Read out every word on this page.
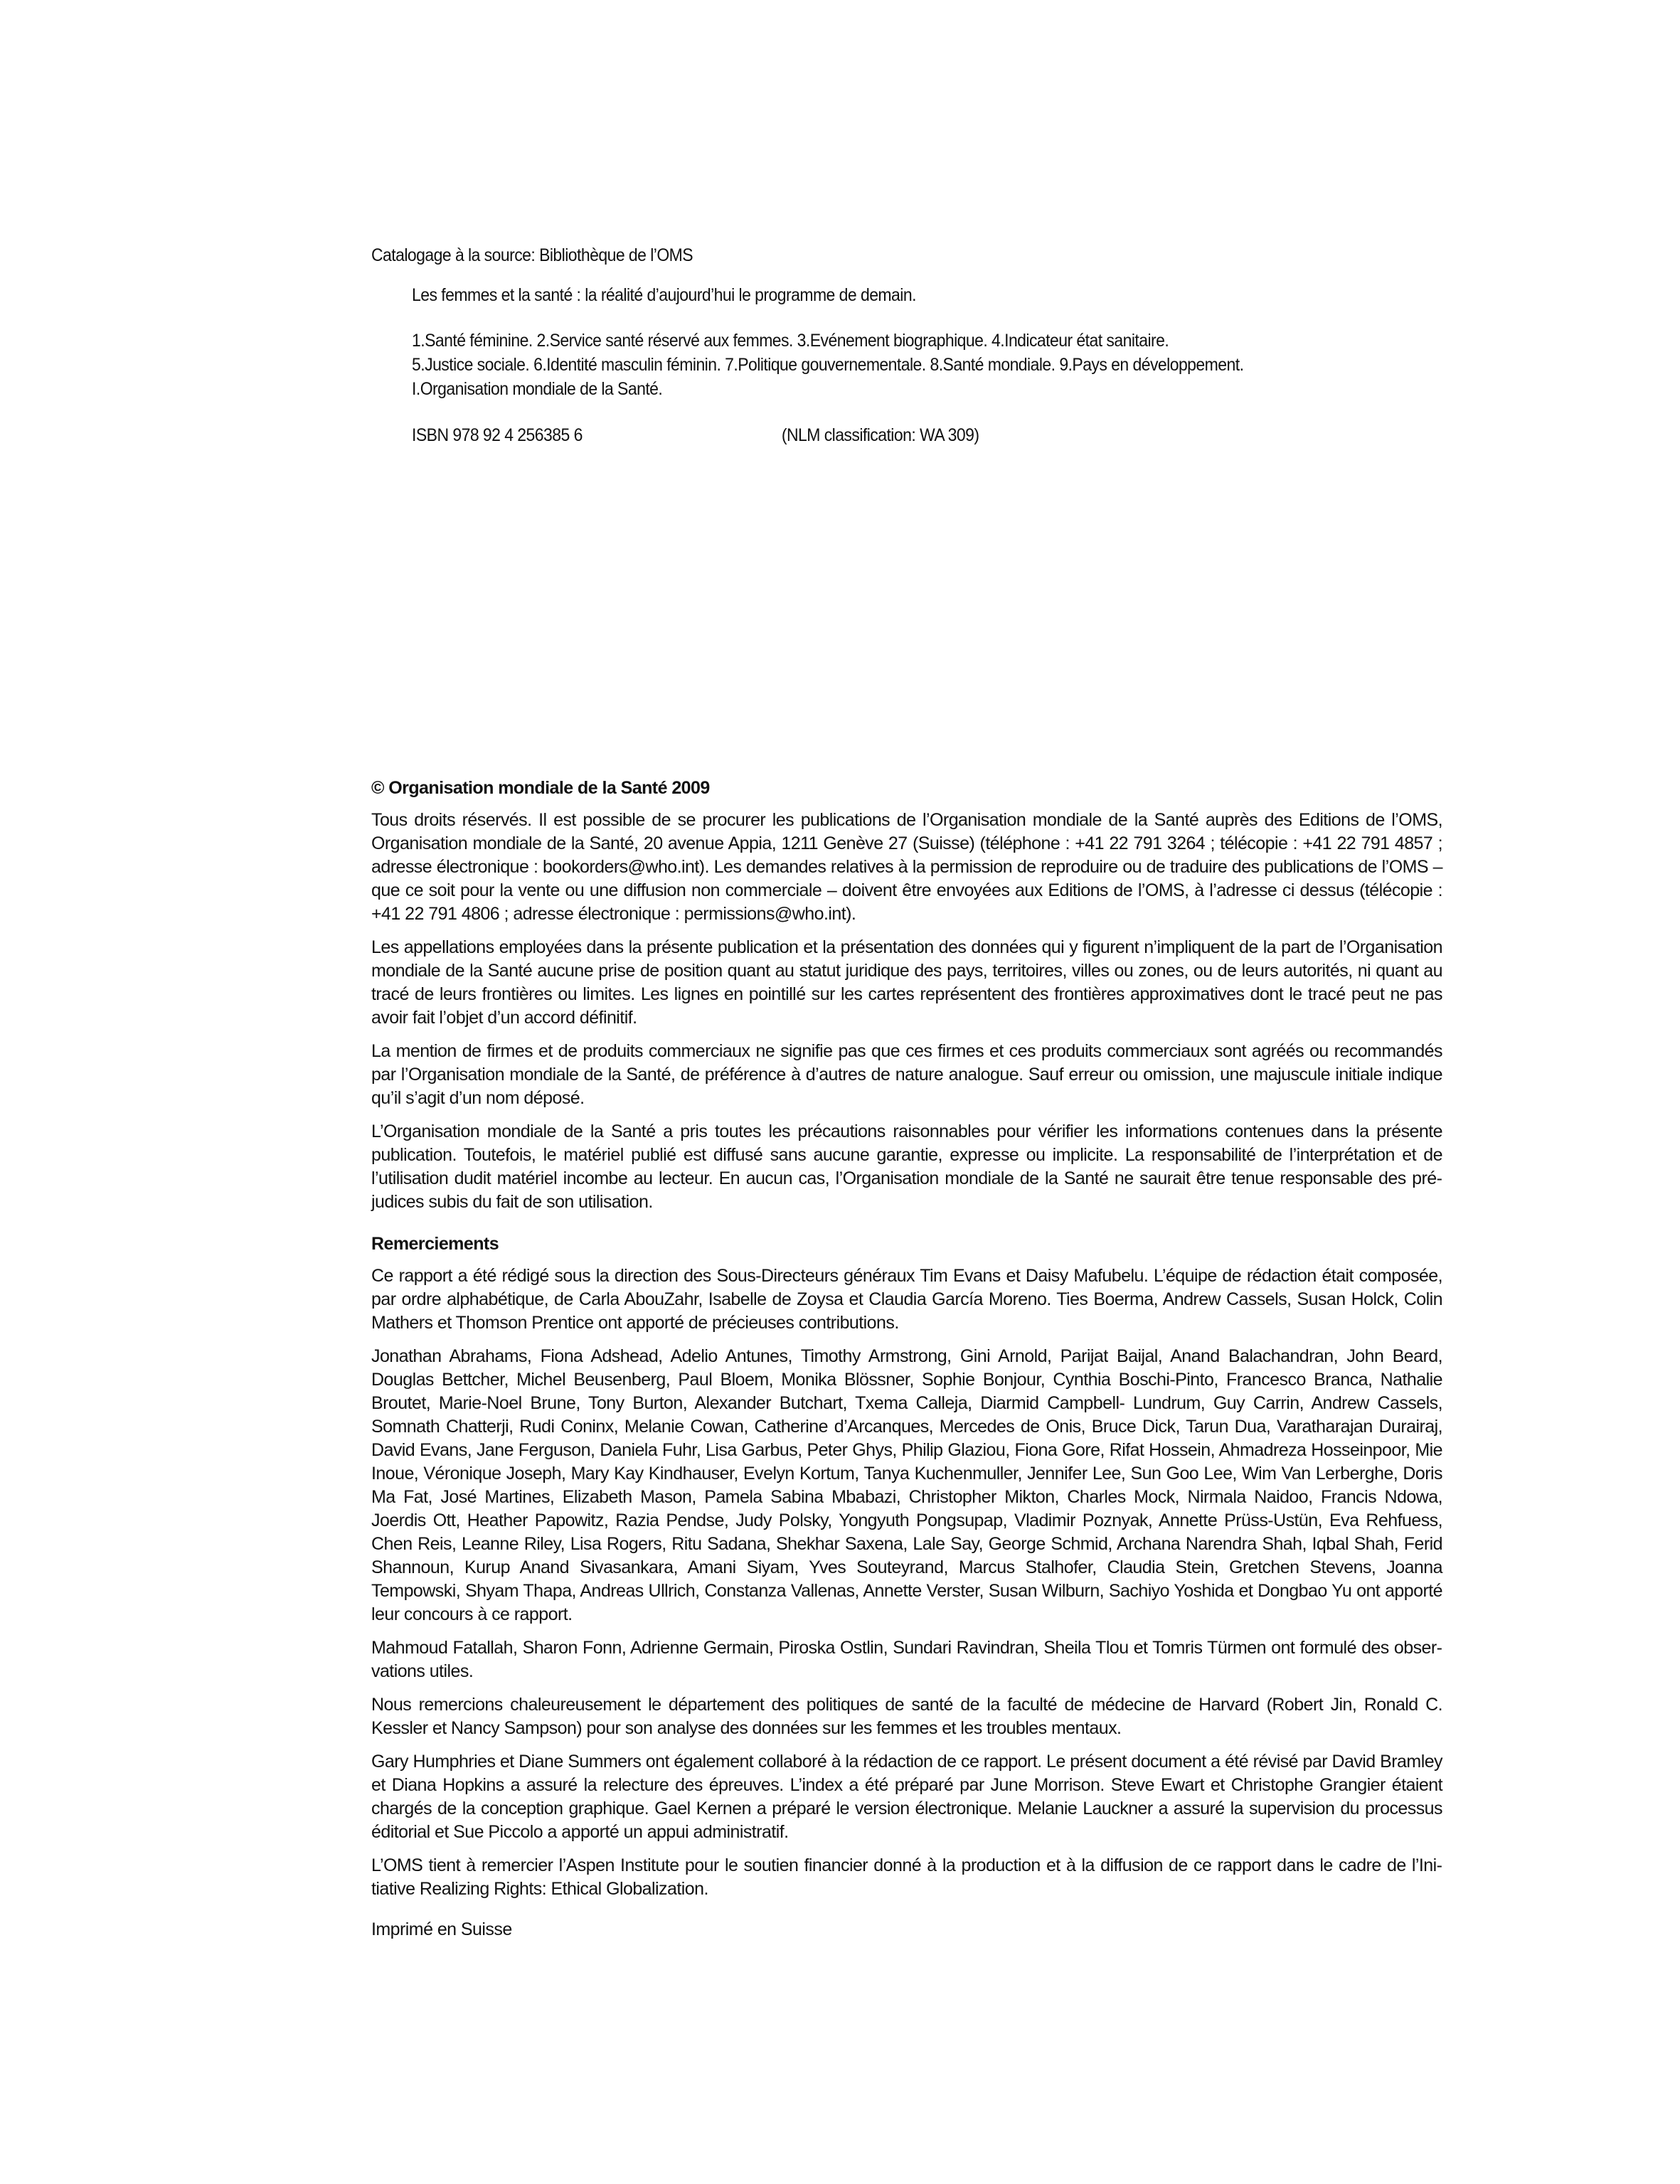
Catalogage à la source: Bibliothèque de l’OMS
Les femmes et la santé : la réalité d’aujourd’hui le programme de demain.
1.Santé féminine. 2.Service santé réservé aux femmes. 3.Evénement biographique. 4.Indicateur état sanitaire.
5.Justice sociale. 6.Identité masculin féminin. 7.Politique gouvernementale. 8.Santé mondiale. 9.Pays en développement.
I.Organisation mondiale de la Santé.
ISBN 978 92 4 256385 6	(NLM classification: WA 309)
© Organisation mondiale de la Santé 2009

Tous droits réservés. Il est possible de se procurer les publications de l’Organisation mondiale de la Santé auprès des Editions de l’OMS, Organisation mondiale de la Santé, 20 avenue Appia, 1211 Genève 27 (Suisse) (téléphone : +41 22 791 3264 ; télécopie : +41 22 791 4857 ; adresse électronique : bookorders@who.int). Les demandes relatives à la permission de reproduire ou de traduire des publications de l’OMS – que ce soit pour la vente ou une diffusion non commerciale – doivent être envoyées aux Editions de l’OMS, à l’adresse ci dessus (télécopie : +41 22 791 4806 ; adresse électronique : permissions@who.int).

Les appellations employées dans la présente publication et la présentation des données qui y figurent n’impliquent de la part de l’Organisation mondiale de la Santé aucune prise de position quant au statut juridique des pays, territoires, villes ou zones, ou de leurs autorités, ni quant au tracé de leurs frontières ou limites. Les lignes en pointillé sur les cartes représentent des frontières approximatives dont le tracé peut ne pas avoir fait l’objet d’un accord définitif.

La mention de firmes et de produits commerciaux ne signifie pas que ces firmes et ces produits commerciaux sont agréés ou recommandés par l’Organisation mondiale de la Santé, de préférence à d’autres de nature analogue. Sauf erreur ou omission, une majuscule initiale indique qu’il s’agit d’un nom déposé.

L’Organisation mondiale de la Santé a pris toutes les précautions raisonnables pour vérifier les informations contenues dans la présente publication. Toutefois, le matériel publié est diffusé sans aucune garantie, expresse ou implicite. La responsabilité de l’interprétation et de l’utilisation dudit matériel incombe au lecteur. En aucun cas, l’Organisation mondiale de la Santé ne saurait être tenue responsable des préjudices subis du fait de son utilisation.

Remerciements

Ce rapport a été rédigé sous la direction des Sous-Directeurs généraux Tim Evans et Daisy Mafubelu. L’équipe de rédaction était composée, par ordre alphabétique, de Carla AbouZahr, Isabelle de Zoysa et Claudia García Moreno. Ties Boerma, Andrew Cassels, Susan Holck, Colin Mathers et Thomson Prentice ont apporté de précieuses contributions.

Jonathan Abrahams, Fiona Adshead, Adelio Antunes, Timothy Armstrong, Gini Arnold, Parijat Baijal, Anand Balachandran, John Beard, Douglas Bettcher, Michel Beusenberg, Paul Bloem, Monika Blössner, Sophie Bonjour, Cynthia Boschi-Pinto, Francesco Branca, Nathalie Broutet, Marie-Noel Brune, Tony Burton, Alexander Butchart, Txema Calleja, Diarmid Campbell- Lundrum, Guy Carrin, Andrew Cassels, Somnath Chatterji, Rudi Coninx, Melanie Cowan, Catherine d’Arcanques, Mercedes de Onis, Bruce Dick, Tarun Dua, Varatharajan Durairaj, David Evans, Jane Ferguson, Daniela Fuhr, Lisa Garbus, Peter Ghys, Philip Glaziou, Fiona Gore, Rifat Hossein, Ahmadreza Hosseinpoor, Mie Inoue, Véronique Joseph, Mary Kay Kindhauser, Evelyn Kortum, Tanya Kuchenmuller, Jennifer Lee, Sun Goo Lee, Wim Van Lerberghe, Doris Ma Fat, José Martines, Elizabeth Mason, Pamela Sabina Mbabazi, Christopher Mikton, Charles Mock, Nirmala Naidoo, Francis Ndowa, Joerdis Ott, Heather Papowitz, Razia Pendse, Judy Polsky, Yongyuth Pongsupap, Vladimir Poznyak, Annette Prüss-Ustün, Eva Rehfuess, Chen Reis, Leanne Riley, Lisa Rogers, Ritu Sadana, Shekhar Saxena, Lale Say, George Schmid, Archana Narendra Shah, Iqbal Shah, Ferid Shannoun, Kurup Anand Sivasankara, Amani Siyam, Yves Souteyrand, Marcus Stalhofer, Claudia Stein, Gretchen Stevens, Joanna Tempowski, Shyam Thapa, Andreas Ullrich, Constanza Vallenas, Annette Verster, Susan Wilburn, Sachiyo Yoshida et Dongbao Yu ont apporté leur concours à ce rapport.

Mahmoud Fatallah, Sharon Fonn, Adrienne Germain, Piroska Ostlin, Sundari Ravindran, Sheila Tlou et Tomris Türmen ont formulé des observations utiles.

Nous remercions chaleureusement le département des politiques de santé de la faculté de médecine de Harvard (Robert Jin, Ronald C. Kessler et Nancy Sampson) pour son analyse des données sur les femmes et les troubles mentaux.

Gary Humphries et Diane Summers ont également collaboré à la rédaction de ce rapport. Le présent document a été révisé par David Bramley et Diana Hopkins a assuré la relecture des épreuves. L’index a été préparé par June Morrison. Steve Ewart et Christophe Grangier étaient chargés de la conception graphique. Gael Kernen a préparé le version électronique. Melanie Lauckner a assuré la supervision du processus éditorial et Sue Piccolo a apporté un appui administratif.

L’OMS tient à remercier l’Aspen Institute pour le soutien financier donné à la production et à la diffusion de ce rapport dans le cadre de l’Initiative Realizing Rights: Ethical Globalization.

Imprimé en Suisse
